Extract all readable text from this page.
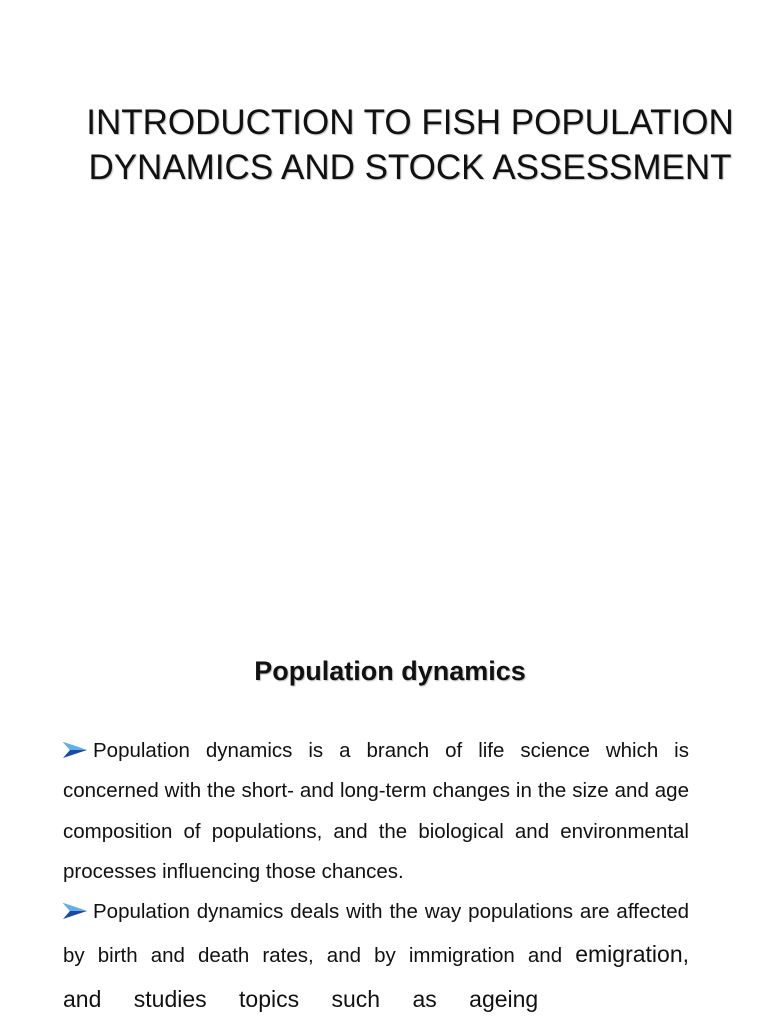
INTRODUCTION TO FISH POPULATION
DYNAMICS AND STOCK ASSESSMENT
Population dynamics

Population dynamics is a branch of life science which is concerned with the short- and long-term changes in the size and age composition of populations, and the biological and environmental processes influencing those chances.

Population dynamics deals with the way populations are affected by birth and death rates, and by immigration and emigration, and studies topics such as ageing
